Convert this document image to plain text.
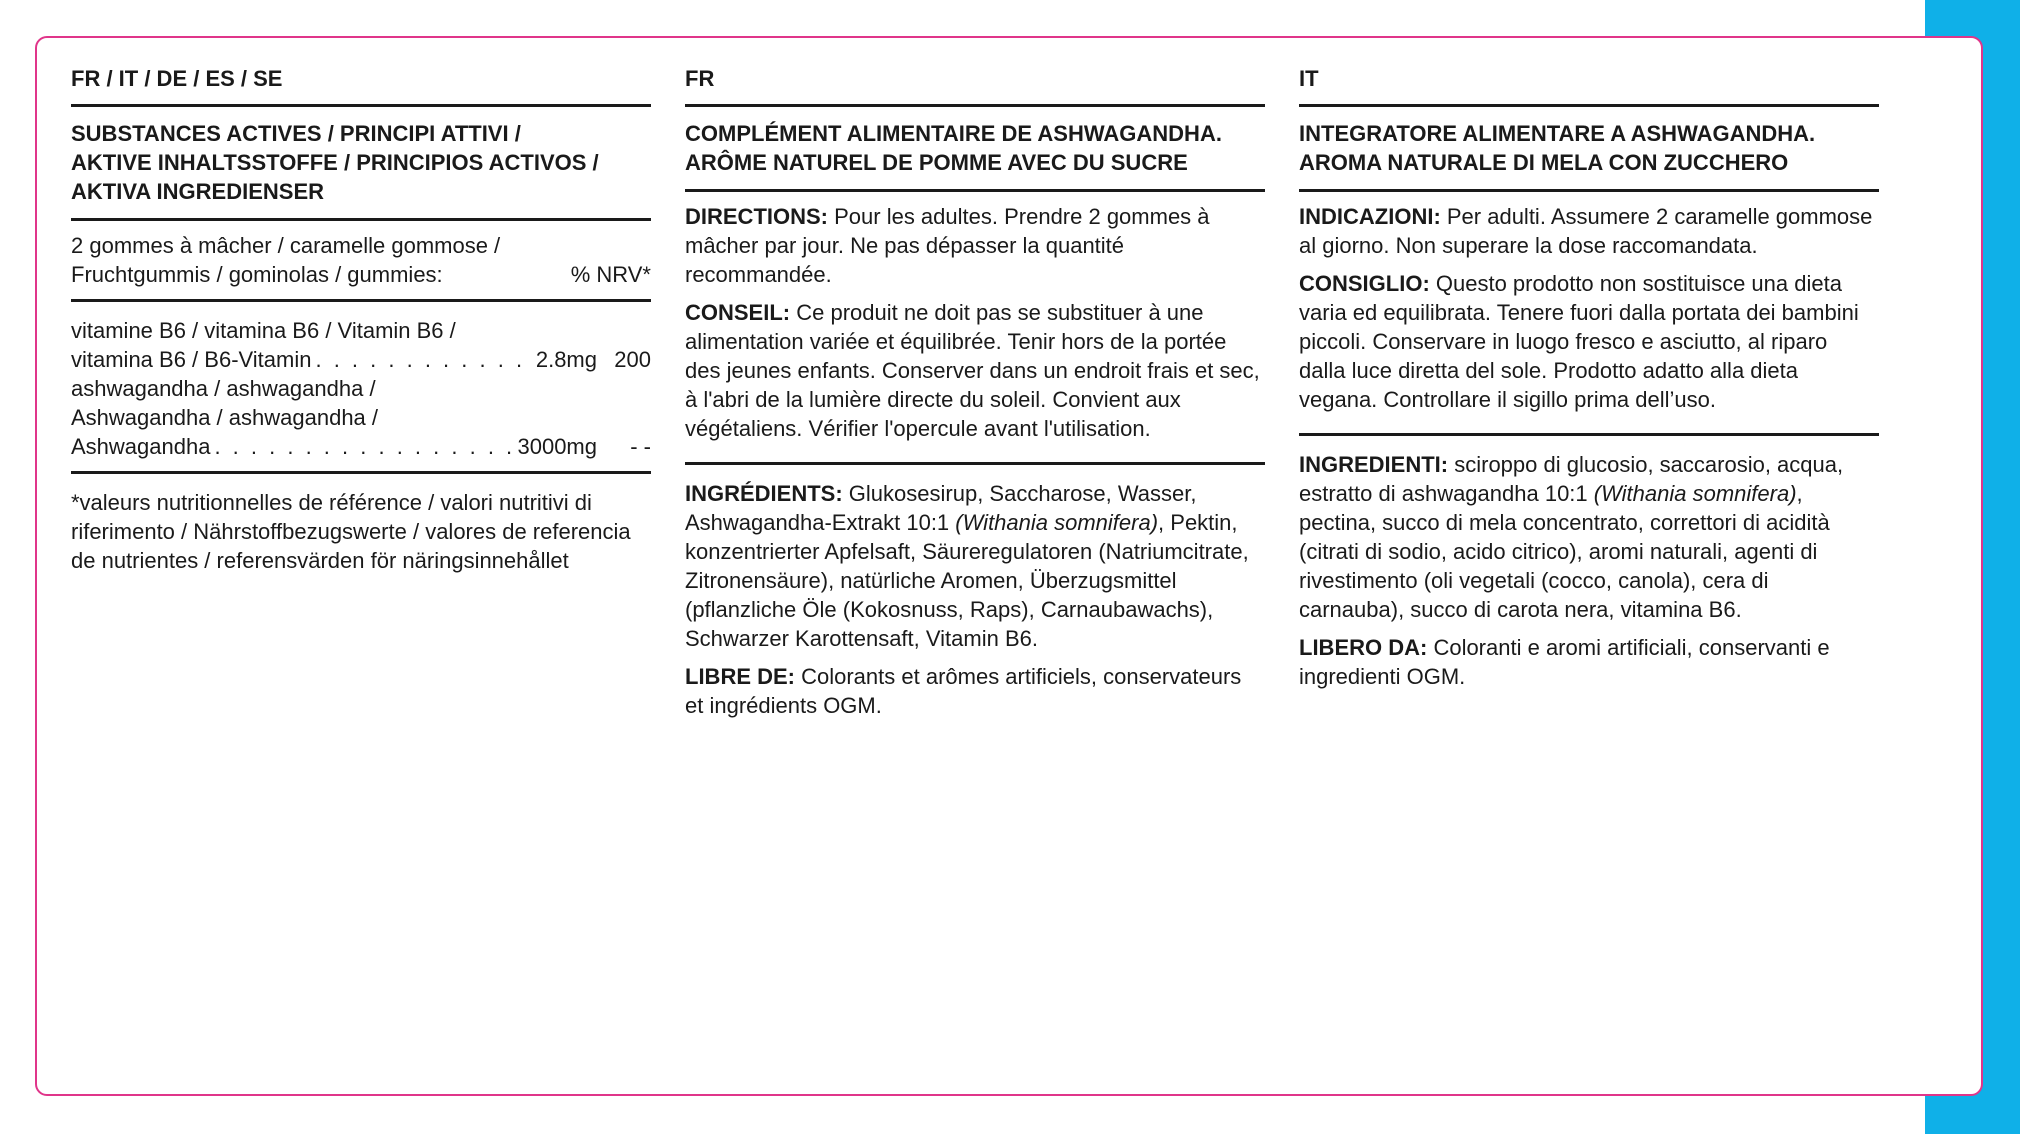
FR / IT / DE / ES / SE
SUBSTANCES ACTIVES / PRINCIPI ATTIVI /
AKTIVE INHALTSSTOFFE / PRINCIPIOS ACTIVOS /
AKTIVA INGREDIENSER
2 gommes à mâcher / caramelle gommose /
Fruchtgummis / gominolas / gummies:	% NRV*
vitamine B6 / vitamina B6 / Vitamin B6 /
vitamina B6 / B6-Vitamin . . .	2.8mg 200
ashwagandha / ashwagandha /
Ashwagandha / ashwagandha /
Ashwagandha . . .	3000mg	- -
*valeurs nutritionnelles de référence / valori nutritivi di riferimento / Nährstoffbezugswerte / valores de referencia de nutrientes / referensvärden för näringsinnehållet
FR
COMPLÉMENT ALIMENTAIRE DE ASHWAGANDHA. ARÔME NATUREL DE POMME AVEC DU SUCRE
DIRECTIONS: Pour les adultes. Prendre 2 gommes à mâcher par jour. Ne pas dépasser la quantité recommandée.
CONSEIL: Ce produit ne doit pas se substituer à une alimentation variée et équilibrée. Tenir hors de la portée des jeunes enfants. Conserver dans un endroit frais et sec, à l'abri de la lumière directe du soleil. Convient aux végétaliens. Vérifier l'opercule avant l'utilisation.
INGRÉDIENTS: Glukosesirup, Saccharose, Wasser, Ashwagandha-Extrakt 10:1 (Withania somnifera), Pektin, konzentrierter Apfelsaft, Säureregulatoren (Natriumcitrate, Zitronensäure), natürliche Aromen, Überzugsmittel (pflanzliche Öle (Kokosnuss, Raps), Carnaubawachs), Schwarzer Karottensaft, Vitamin B6.
LIBRE DE: Colorants et arômes artificiels, conservateurs et ingrédients OGM.
IT
INTEGRATORE ALIMENTARE A ASHWAGANDHA. AROMA NATURALE DI MELA CON ZUCCHERO
INDICAZIONI: Per adulti. Assumere 2 caramelle gommose al giorno. Non superare la dose raccomandata.
CONSIGLIO: Questo prodotto non sostituisce una dieta varia ed equilibrata. Tenere fuori dalla portata dei bambini piccoli. Conservare in luogo fresco e asciutto, al riparo dalla luce diretta del sole. Prodotto adatto alla dieta vegana. Controllare il sigillo prima dell’uso.
INGREDIENTI: sciroppo di glucosio, saccarosio, acqua, estratto di ashwagandha 10:1 (Withania somnifera), pectina, succo di mela concentrato, correttori di acidità (citrati di sodio, acido citrico), aromi naturali, agenti di rivestimento (oli vegetali (cocco, canola), cera di carnauba), succo di carota nera, vitamina B6.
LIBERO DA: Coloranti e aromi artificiali, conservanti e ingredienti OGM.
